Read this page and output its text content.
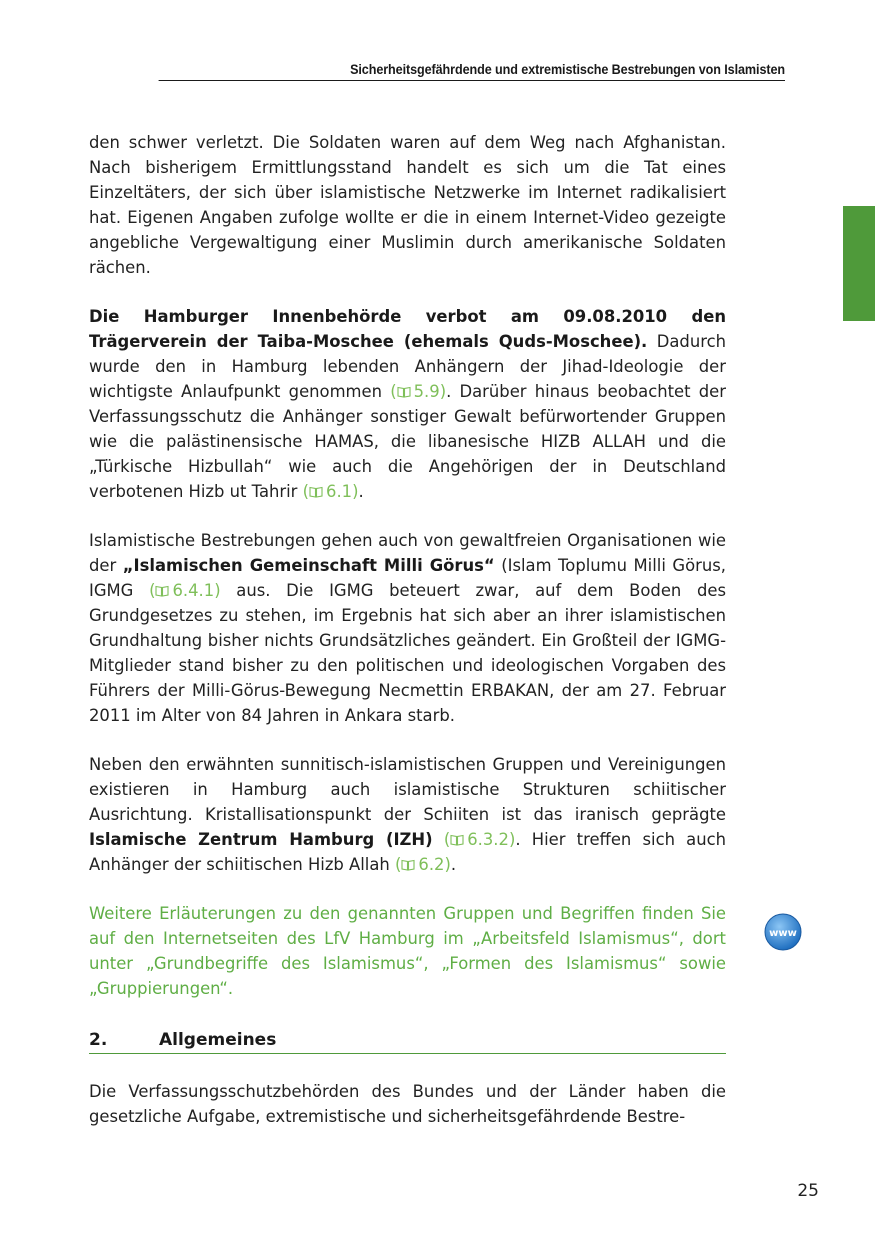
Sicherheitsgefährdende und extremistische Bestrebungen von Islamisten

den schwer verletzt. Die Soldaten waren auf dem Weg nach Afghanistan. Nach bisherigem Ermittlungsstand handelt es sich um die Tat eines Einzeltäters, der sich über islamistische Netzwerke im Internet radikalisiert hat. Eigenen Angaben zufolge wollte er die in einem Internet-Video gezeigte angebliche Vergewaltigung einer Muslimin durch amerikanische Soldaten rächen.

Die Hamburger Innenbehörde verbot am 09.08.2010 den Trägerverein der Taiba-Moschee (ehemals Quds-Moschee). Dadurch wurde den in Hamburg lebenden Anhängern der Jihad-Ideologie der wichtigste Anlaufpunkt genommen ( 5.9). Darüber hinaus beobachtet der Verfassungsschutz die Anhänger sonstiger Gewalt befürwortender Gruppen wie die palästinensische HAMAS, die libanesische HIZB ALLAH und die „Türkische Hizbullah“ wie auch die Angehörigen der in Deutschland verbotenen Hizb ut Tahrir ( 6.1).

Islamistische Bestrebungen gehen auch von gewaltfreien Organisationen wie der „Islamischen Gemeinschaft Milli Görus“ (Islam Toplumu Milli Görus, IGMG ( 6.4.1) aus. Die IGMG beteuert zwar, auf dem Boden des Grundgesetzes zu stehen, im Ergebnis hat sich aber an ihrer islamistischen Grundhaltung bisher nichts Grundsätzliches geändert. Ein Großteil der IGMG-Mitglieder stand bisher zu den politischen und ideologischen Vorgaben des Führers der Milli-Görus-Bewegung Necmettin ERBAKAN, der am 27. Februar 2011 im Alter von 84 Jahren in Ankara starb.

Neben den erwähnten sunnitisch-islamistischen Gruppen und Vereinigungen existieren in Hamburg auch islamistische Strukturen schiitischer Ausrichtung. Kristallisationspunkt der Schiiten ist das iranisch geprägte Islamische Zentrum Hamburg (IZH) ( 6.3.2). Hier treffen sich auch Anhänger der schiitischen Hizb Allah ( 6.2).

Weitere Erläuterungen zu den genannten Gruppen und Begriffen finden Sie auf den Internetseiten des LfV Hamburg im „Arbeitsfeld Islamismus“, dort unter „Grundbegriffe des Islamismus“, „Formen des Islamismus“ sowie „Gruppierungen“.

www
2.	Allgemeines
Die Verfassungsschutzbehörden des Bundes und der Länder haben die gesetzliche Aufgabe, extremistische und sicherheitsgefährdende Bestre-
25
